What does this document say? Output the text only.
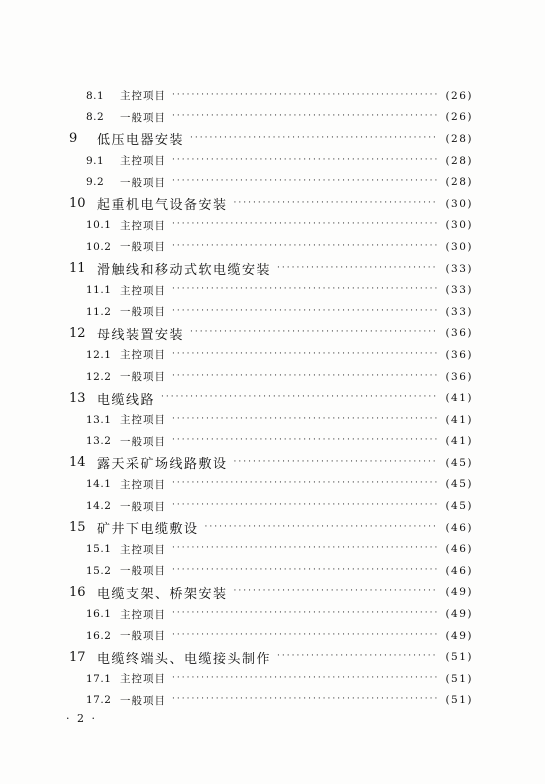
8.1	主控项目 ·····	(26)
8.2	一般项目 ·····	(26)
9	低压电器安装 ·····	(28)
9.1	主控项目 ·····	(28)
9.2	一般项目 ·····	(28)
10 起重机电气设备安装 ·····	(30)
10.1 主控项目 ·····	(30)
10.2 一般项目 ·····	(30)
11 滑触线和移动式软电缆安装 ·····	(33)
11.1 主控项目 ·····	(33)
11.2 一般项目 ·····	(33)
12 母线装置安装 ·····	(36)
12.1 主控项目 ·····	(36)
12.2 一般项目 ·····	(36)
13 电缆线路 ·····	(41)
13.1 主控项目 ·····	(41)
13.2 一般项目 ·····	(41)
14 露天采矿场线路敷设 ·····	(45)
14.1 主控项目 ·····	(45)
14.2 一般项目 ·····	(45)
15 矿井下电缆敷设 ·····	(46)
15.1 主控项目 ·····	(46)
15.2 一般项目 ·····	(46)
16 电缆支架、桥架安装 ·····	(49)
16.1 主控项目 ·····	(49)
16.2 一般项目 ·····	(49)
17 电缆终端头、电缆接头制作 ·····	(51)
17.1 主控项目 ·····	(51)
17.2 一般项目 ·····	(51)
· 2 ·
